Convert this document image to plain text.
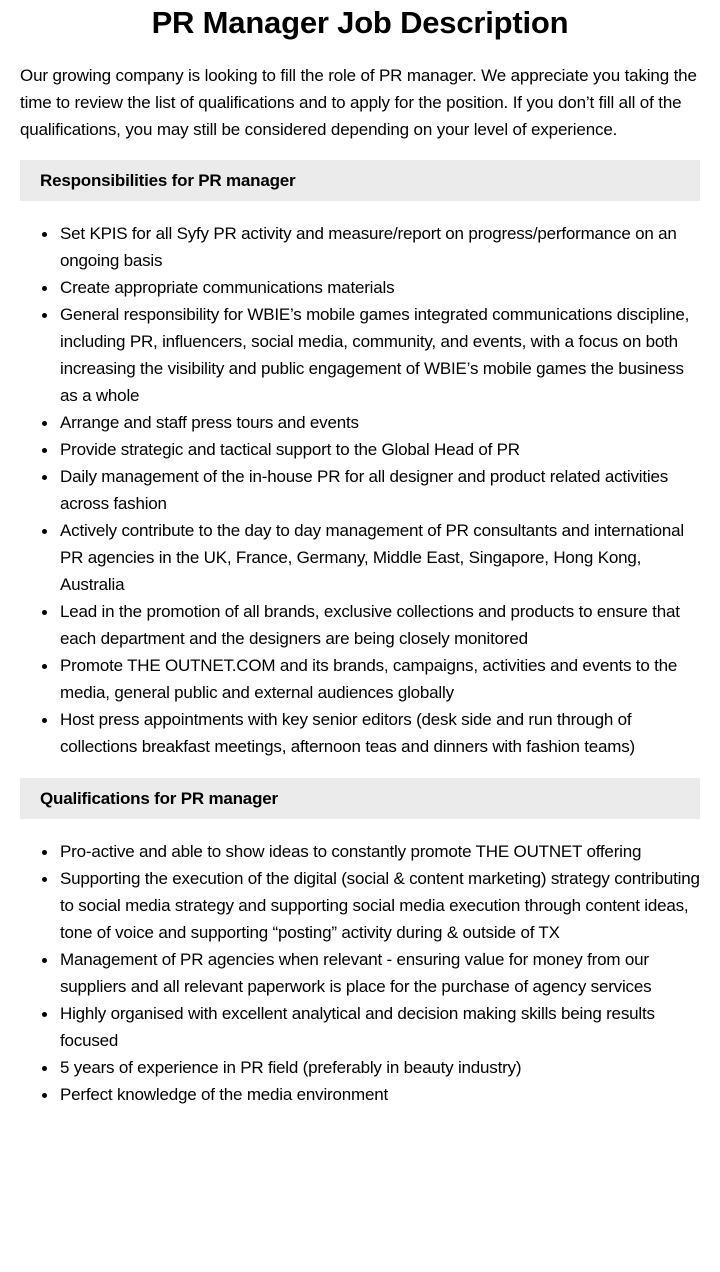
PR Manager Job Description

Our growing company is looking to fill the role of PR manager. We appreciate you taking the time to review the list of qualifications and to apply for the position. If you don’t fill all of the qualifications, you may still be considered depending on your level of experience.

Responsibilities for PR manager
Set KPIS for all Syfy PR activity and measure/report on progress/performance on an ongoing basis
Create appropriate communications materials
General responsibility for WBIE’s mobile games integrated communications discipline, including PR, influencers, social media, community, and events, with a focus on both increasing the visibility and public engagement of WBIE’s mobile games the business as a whole
Arrange and staff press tours and events
Provide strategic and tactical support to the Global Head of PR
Daily management of the in-house PR for all designer and product related activities across fashion
Actively contribute to the day to day management of PR consultants and international PR agencies in the UK, France, Germany, Middle East, Singapore, Hong Kong, Australia
Lead in the promotion of all brands, exclusive collections and products to ensure that each department and the designers are being closely monitored
Promote THE OUTNET.COM and its brands, campaigns, activities and events to the media, general public and external audiences globally
Host press appointments with key senior editors (desk side and run through of collections breakfast meetings, afternoon teas and dinners with fashion teams)
Qualifications for PR manager
Pro-active and able to show ideas to constantly promote THE OUTNET offering
Supporting the execution of the digital (social & content marketing) strategy contributing to social media strategy and supporting social media execution through content ideas, tone of voice and supporting “posting” activity during & outside of TX
Management of PR agencies when relevant - ensuring value for money from our suppliers and all relevant paperwork is place for the purchase of agency services
Highly organised with excellent analytical and decision making skills being results focused
5 years of experience in PR field (preferably in beauty industry)
Perfect knowledge of the media environment
